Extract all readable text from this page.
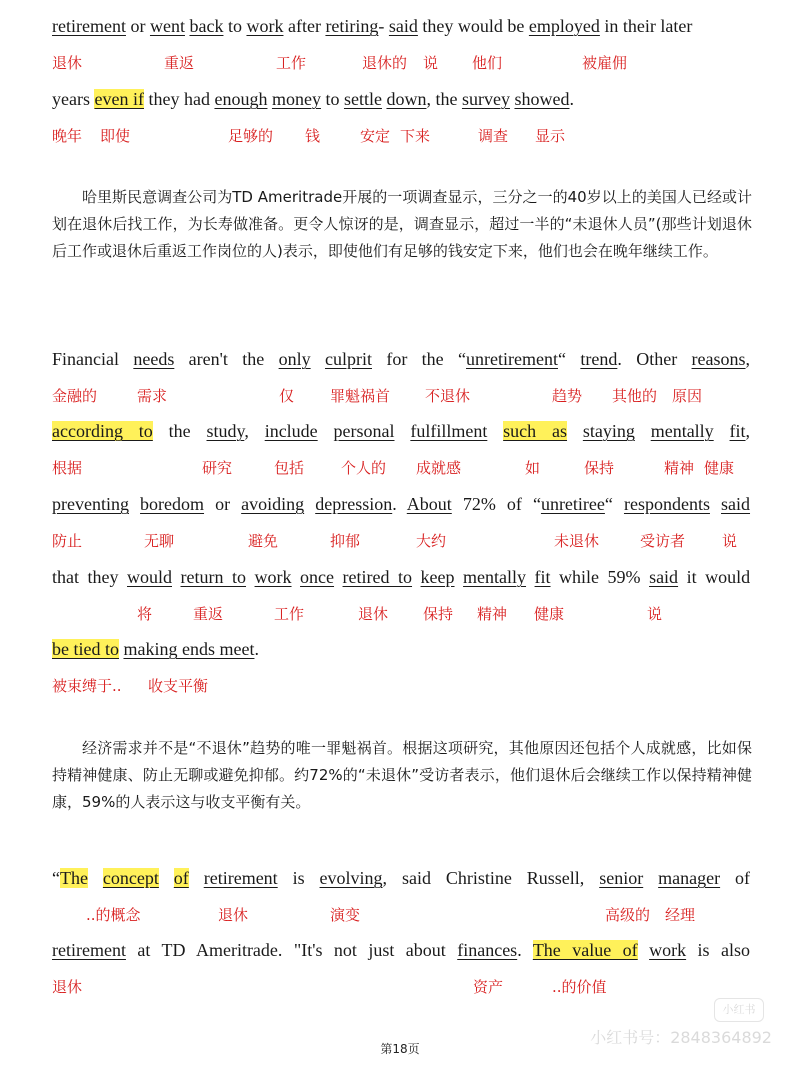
retirement or went back to work after retiring- said they would be employed in their later
退休	重返	工作	退休的 说 他们	被雇佣
years even if they had enough money to settle down, the survey showed.
晚年 即使	足够的 钱	安定 下来	调查 显示

哈里斯民意调查公司为TD Ameritrade开展的一项调查显示，三分之一的40岁以上的美国人已经或计划在退休后找工作，为长寿做准备。更令人惊讶的是，调查显示，超过一半的“未退休人员”(那些计划退休后工作或退休后重返工作岗位的人)表示，即使他们有足够的钱安定下来，他们也会在晚年继续工作。

Financial needs aren't the only culprit for the “unretirement“ trend. Other reasons,
金融的	需求	仅 罪魁祸首 不退休	趋势 其他的 原因
according to the study, include personal fulfillment such as staying mentally fit,
根据	研究	包括 个人的 成就感	如	保持	精神 健康
preventing boredom or avoiding depression. About 72% of “unretiree“ respondents said
防止	无聊	避免	抑郁	大约	未退休	受访者 说
that they would return to work once retired to keep mentally fit while 59% said it would
将	重返	工作	退休 保持 精神 健康	说
be tied to making ends meet.
被束缚于.. 收支平衡

经济需求并不是“不退休”趋势的唯一罪魁祸首。根据这项研究，其他原因还包括个人成就感，比如保持精神健康、防止无聊或避免抑郁。约72%的“未退休”受访者表示，他们退休后会继续工作以保持精神健康，59%的人表示这与收支平衡有关。

“The concept of retirement is evolving, said Christine Russell, senior manager of
..的概念	退休	演变	高级的 经理
retirement at TD Ameritrade. "It's not just about finances. The value of work is also
退休	资产	..的价值
第18页
小红书
小红书号：2848364892
